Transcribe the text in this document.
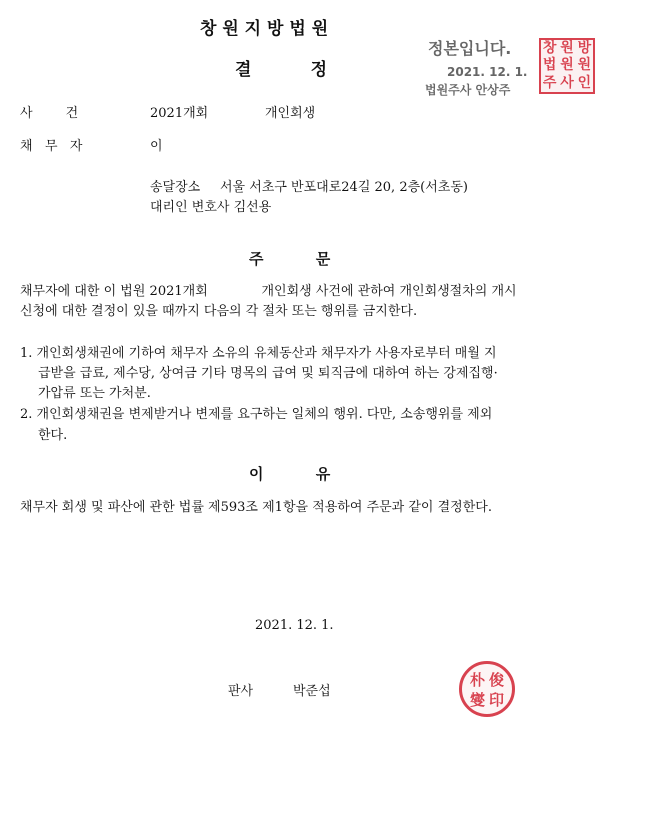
창 원 지 방 법 원
결          정
정본입니다.
2021. 12. 1.
법원주사 안상주
창 원 방
법 원 원
주 사 인
사        건	2021개회	개인회생
채   무   자	이
송달장소 서울 서초구 반포대로24길 20, 2층(서초동)
대리인 변호사 김선용
주          문
채무자에 대한 이 법원 2021개회             개인회생 사건에 관하여 개인회생절차의 개시
신청에 대한 결정이 있을 때까지 다음의 각 절차 또는 행위를 금지한다.
1. 개인회생채권에 기하여 채무자 소유의 유체동산과 채무자가 사용자로부터 매월 지
급받을 급료, 제수당, 상여금 기타 명목의 급여 및 퇴직금에 대하여 하는 강제집행·
가압류 또는 가처분.
2. 개인회생채권을 변제받거나 변제를 요구하는 일체의 행위. 다만, 소송행위를 제외
한다.
이          유
채무자 회생 및 파산에 관한 법률 제593조 제1항을 적용하여 주문과 같이 결정한다.
2021. 12. 1.
판사	박준섭
朴 俊
燮 印
